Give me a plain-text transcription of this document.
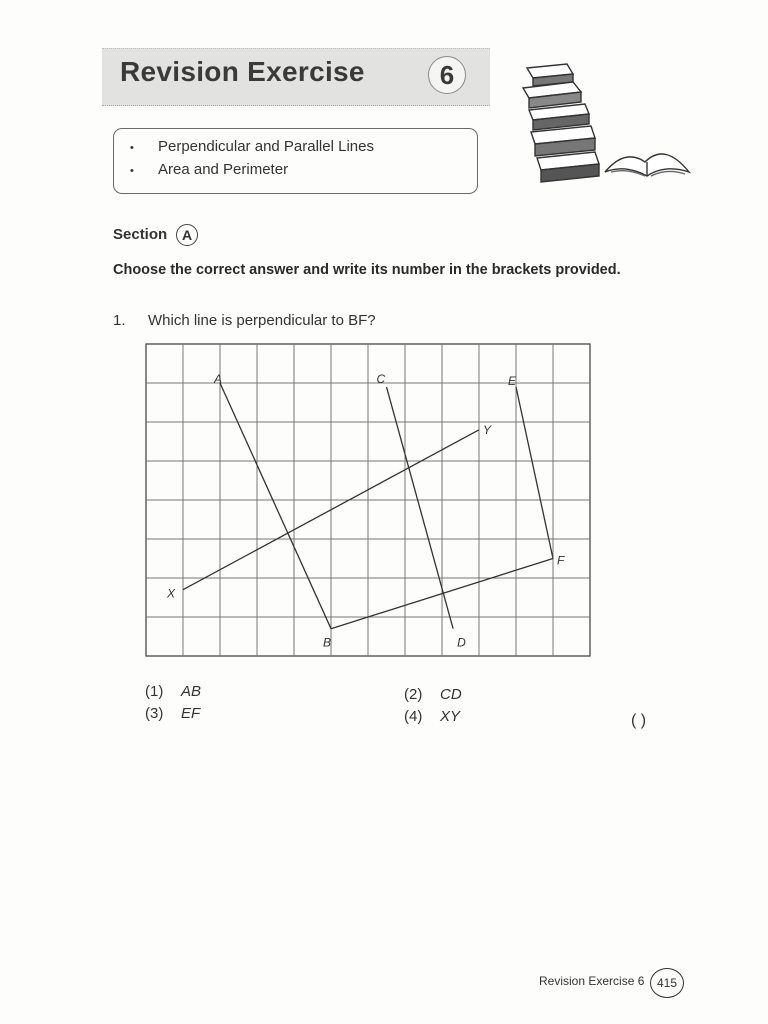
Revision Exercise	6
• Perpendicular and Parallel Lines
• Area and Perimeter
Section	A
Choose the correct answer and write its number in the brackets provided.
1. Which line is perpendicular to BF?
A
B
C
D
E
F
X
Y
(1) AB	(2) CD
(3) EF	(4) XY	( )
Revision Exercise 6	415
